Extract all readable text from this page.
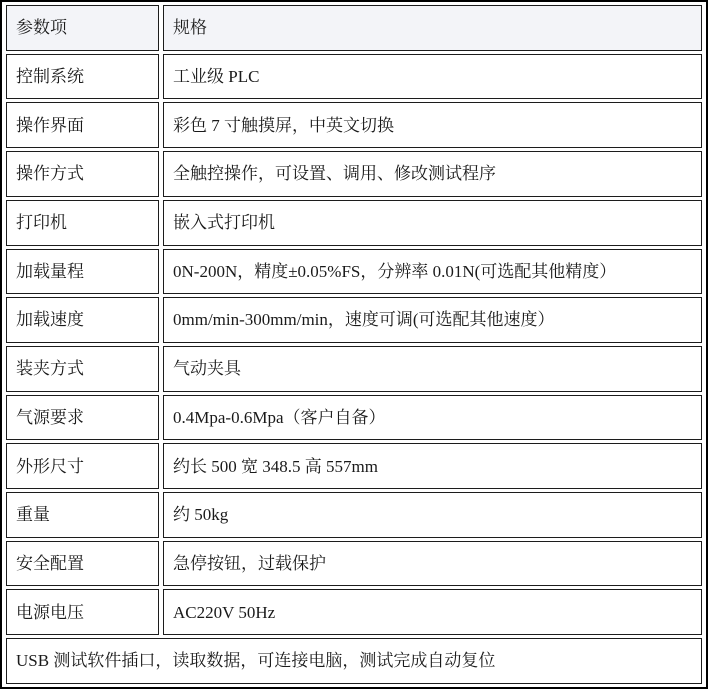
参数项	规格
控制系统	工业级 PLC
操作界面	彩色 7 寸触摸屏，中英文切换
操作方式	全触控操作，可设置、调用、修改测试程序
打印机	嵌入式打印机
加载量程	0N-200N，精度±0.05%FS，分辨率 0.01N(可选配其他精度）
加载速度	0mm/min-300mm/min，速度可调(可选配其他速度）
装夹方式	气动夹具
气源要求	0.4Mpa-0.6Mpa（客户自备）
外形尺寸	约长 500 宽 348.5 高 557mm
重量	约 50kg
安全配置	急停按钮，过载保护
电源电压	AC220V 50Hz
USB 测试软件插口，读取数据，可连接电脑，测试完成自动复位	
